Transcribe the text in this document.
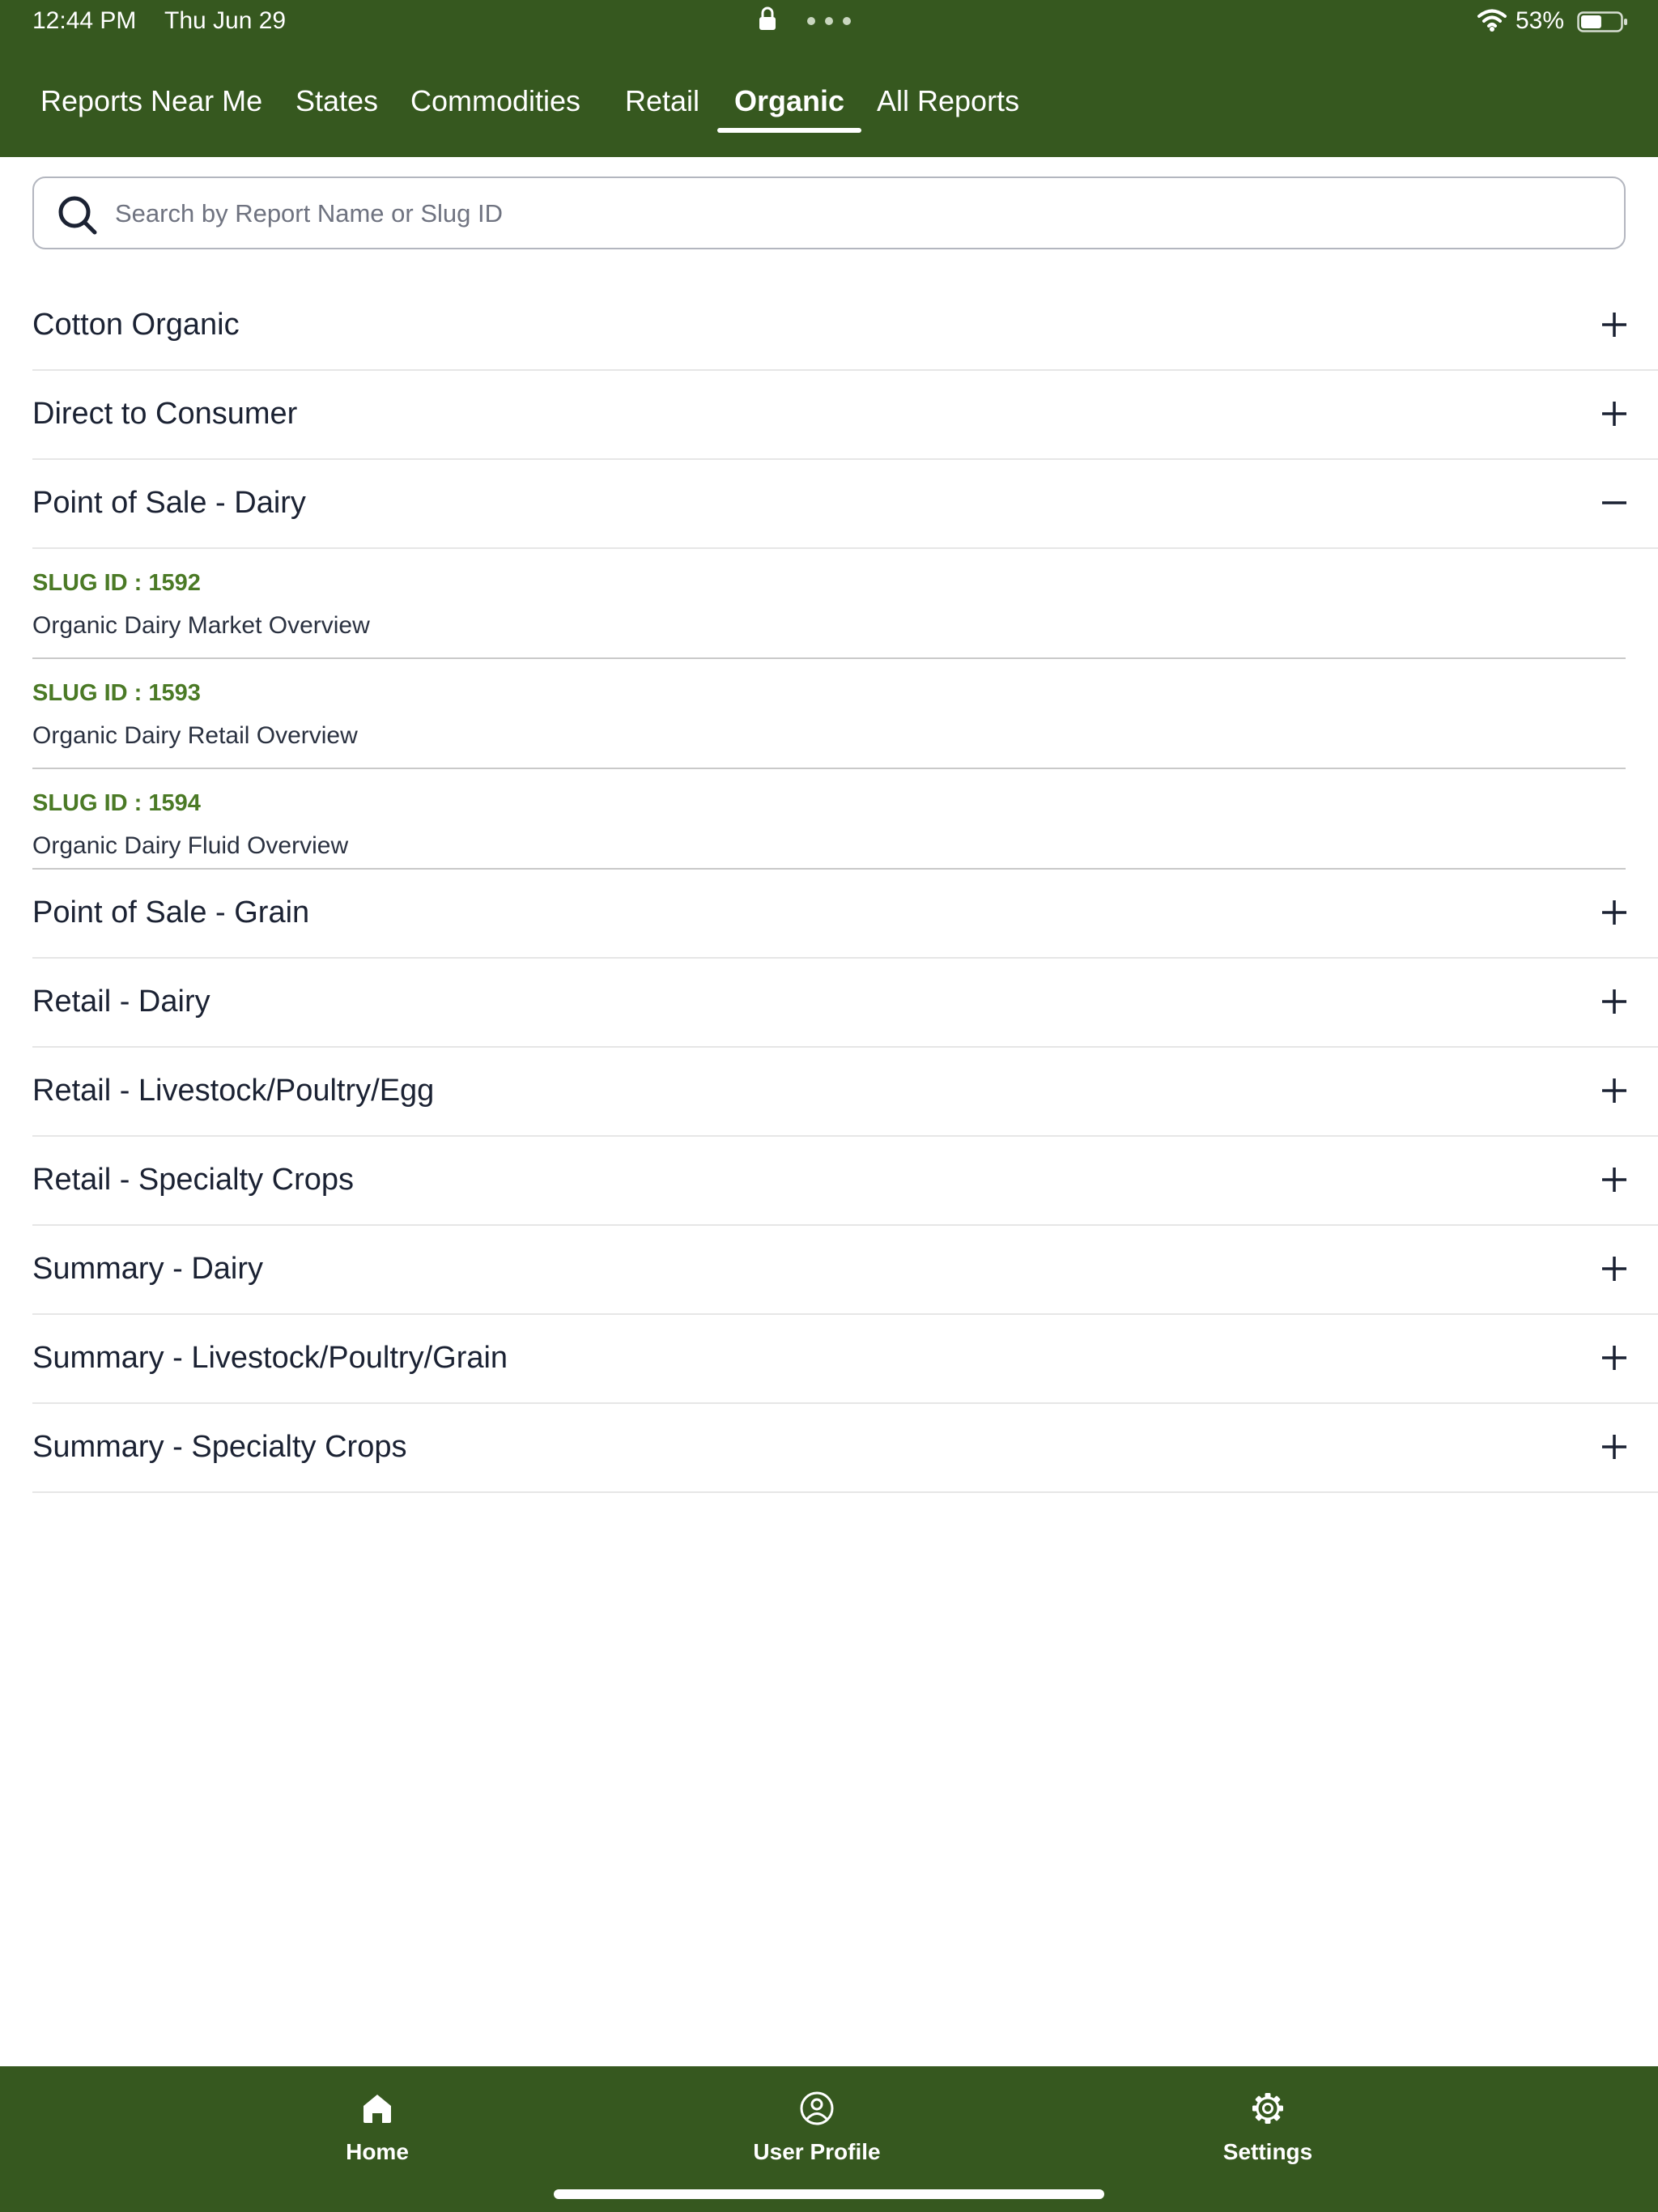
12:44 PM Thu Jun 29	53%
Reports Near Me States Commodities Retail Organic All Reports
Search by Report Name or Slug ID
Cotton Organic
Direct to Consumer
Point of Sale - Dairy
SLUG ID : 1592
Organic Dairy Market Overview
SLUG ID : 1593
Organic Dairy Retail Overview
SLUG ID : 1594
Organic Dairy Fluid Overview
Point of Sale - Grain
Retail - Dairy
Retail - Livestock/Poultry/Egg
Retail - Specialty Crops
Summary - Dairy
Summary - Livestock/Poultry/Grain
Summary - Specialty Crops
Home	User Profile	Settings
